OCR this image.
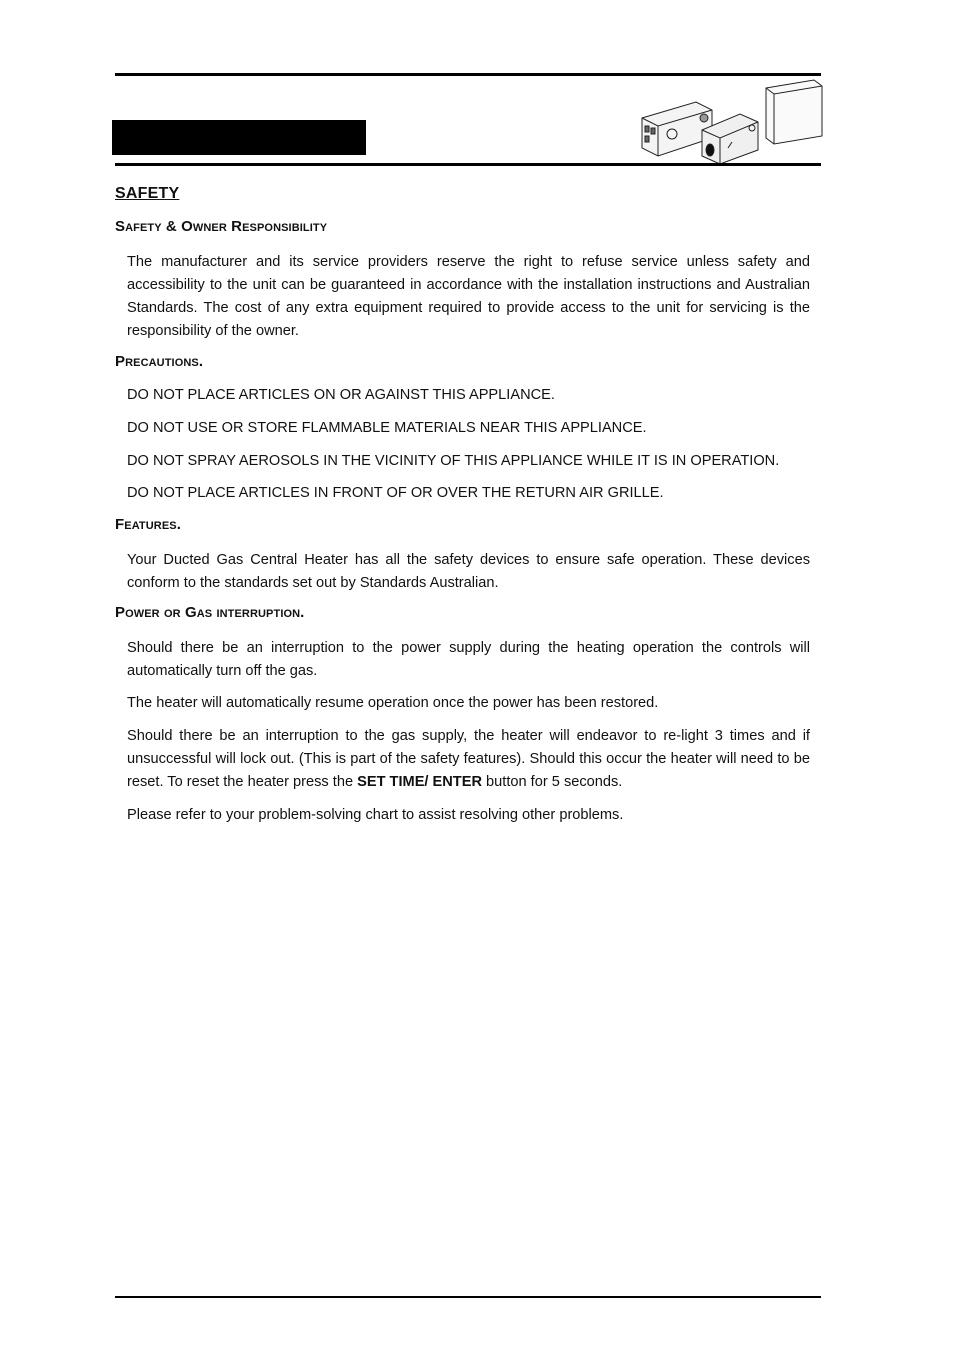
SAFETY
Safety & Owner Responsibility
The manufacturer and its service providers reserve the right to refuse service unless safety and accessibility to the unit can be guaranteed in accordance with the installation instructions and Australian Standards. The cost of any extra equipment required to provide access to the unit for servicing is the responsibility of the owner.
Precautions.
DO NOT PLACE ARTICLES ON OR AGAINST THIS APPLIANCE.
DO NOT USE OR STORE FLAMMABLE MATERIALS NEAR THIS APPLIANCE.
DO NOT SPRAY AEROSOLS IN THE VICINITY OF THIS APPLIANCE WHILE IT IS IN OPERATION.
DO NOT PLACE ARTICLES IN FRONT OF OR OVER THE RETURN AIR GRILLE.
Features.
Your Ducted Gas Central Heater has all the safety devices to ensure safe operation. These devices conform to the standards set out by Standards Australian.
Power or Gas interruption.
Should there be an interruption to the power supply during the heating operation the controls will automatically turn off the gas.
The heater will automatically resume operation once the power has been restored.
Should there be an interruption to the gas supply, the heater will endeavor to re-light 3 times and if unsuccessful will lock out. (This is part of the safety features). Should this occur the heater will need to be reset. To reset the heater press the SET TIME/ ENTER button for 5 seconds.
Please refer to your problem-solving chart to assist resolving other problems.
